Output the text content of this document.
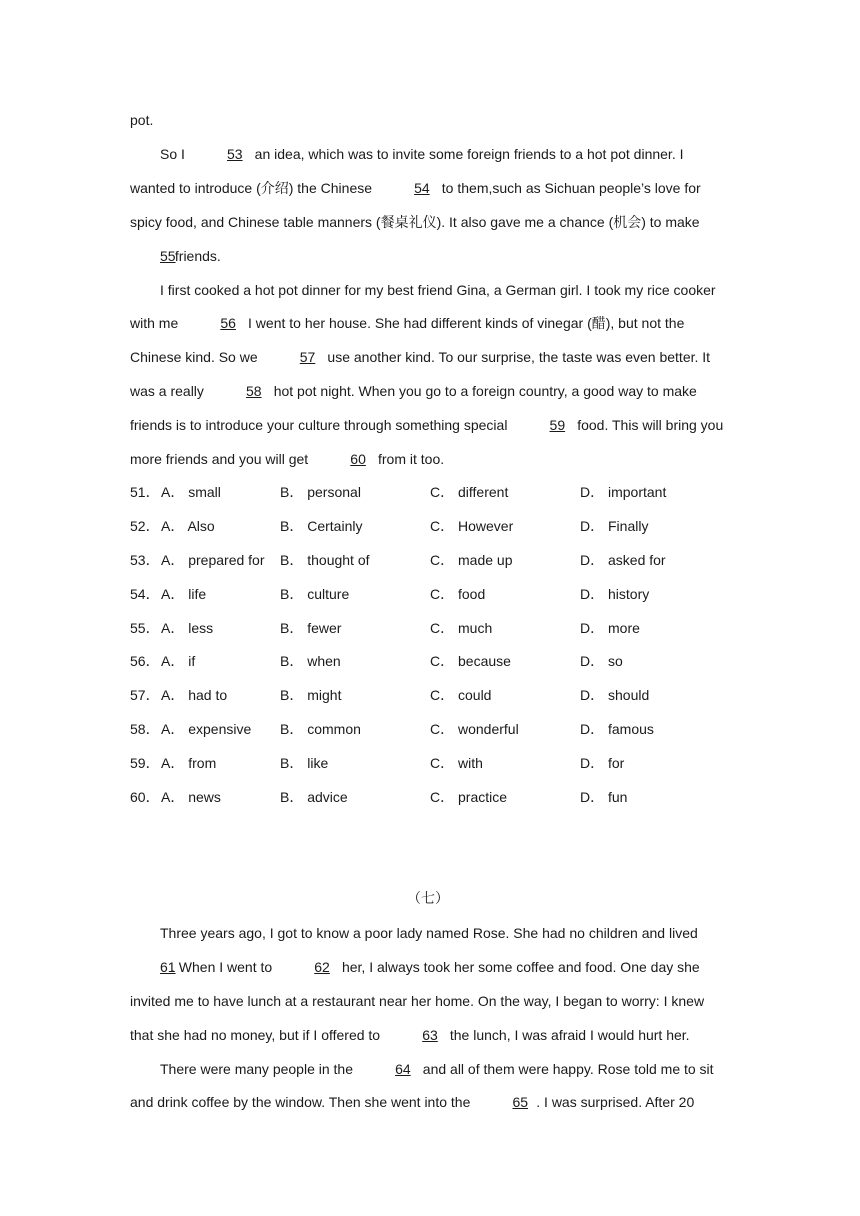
pot.

So I	53 an idea, which was to invite some foreign friends to a hot pot dinner. I wanted to introduce (介绍) the Chinese	54 to them,such as Sichuan people’s love for spicy food, and Chinese table manners (餐桌礼仪). It also gave me a chance (机会) to make 55 friends.

I first cooked a hot pot dinner for my best friend Gina, a German girl. I took my rice cooker with me	56 I went to her house. She had different kinds of vinegar (醋), but not the Chinese kind. So we	57 use another kind. To our surprise, the taste was even better. It was a really	58 hot pot night. When you go to a foreign country, a good way to make friends is to introduce your culture through something special	59 food. This will bring you more friends and you will get	60 from it too.

51． A． small	B． personal	C． different	D． important
52． A． Also	B． Certainly	C． However	D． Finally
53． A． prepared for B． thought of	C． made up	D． asked for
54． A． life	B． culture	C． food	D． history
55． A． less	B． fewer	C． much	D． more
56． A． if	B． when	C． because	D． so
57． A． had to	B． might	C． could	D． should
58． A． expensive B． common	C． wonderful	D． famous
59． A． from	B． like	C． with	D． for
60． A． news	B． advice	C． practice	D． fun

（七）

Three years ago, I got to know a poor lady named Rose. She had no children and lived 61. When I went to	62 her, I always took her some coffee and food. One day she invited me to have lunch at a restaurant near her home. On the way, I began to worry: I knew that she had no money, but if I offered to	63 the lunch, I was afraid I would hurt her.

There were many people in the	64 and all of them were happy. Rose told me to sit and drink coffee by the window. Then she went into the	65 . I was surprised. After 20
